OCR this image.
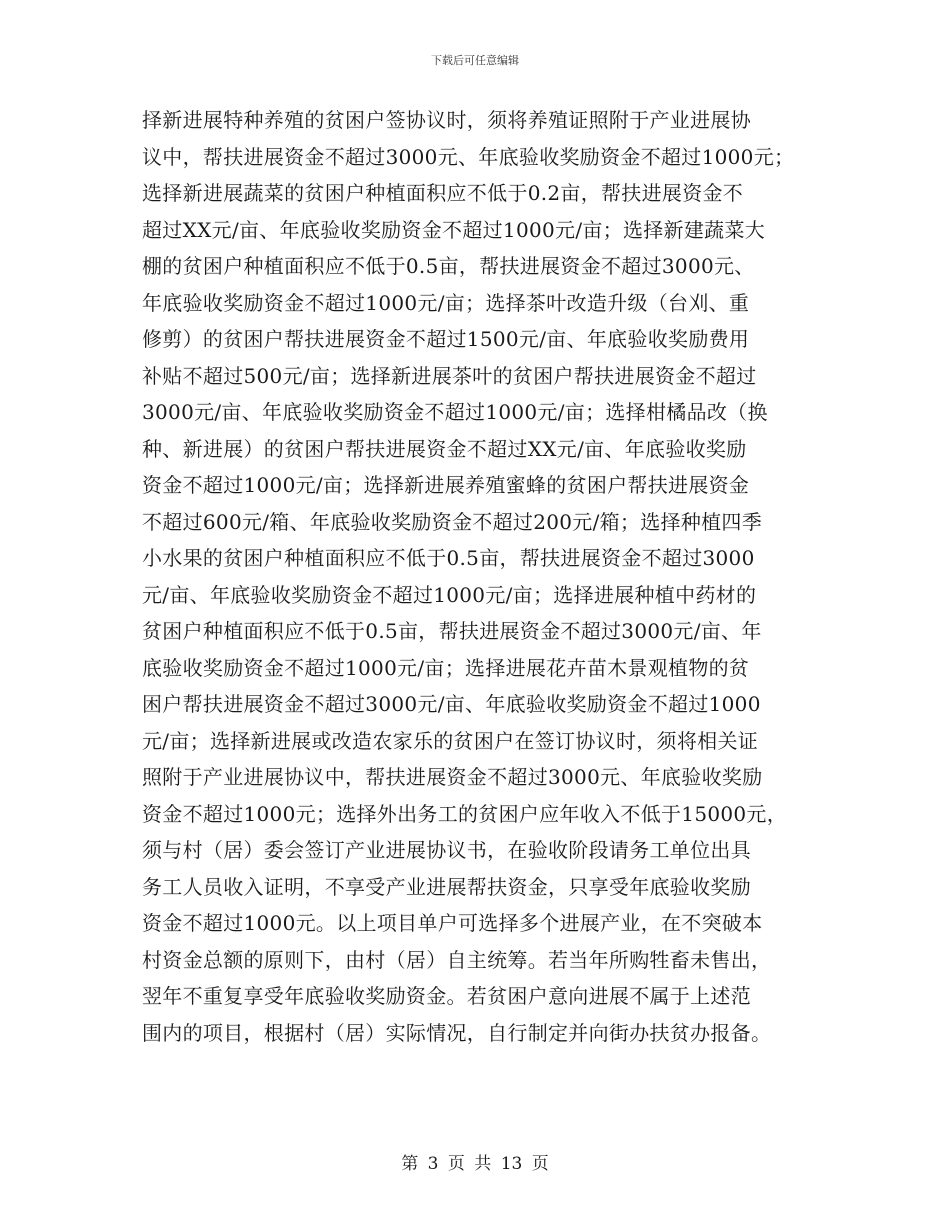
下载后可任意编辑
择新进展特种养殖的贫困户签协议时，须将养殖证照附于产业进展协
议中，帮扶进展资金不超过3000元、年底验收奖励资金不超过1000元；
选择新进展蔬菜的贫困户种植面积应不低于0.2亩，帮扶进展资金不
超过XX元/亩、年底验收奖励资金不超过1000元/亩；选择新建蔬菜大
棚的贫困户种植面积应不低于0.5亩，帮扶进展资金不超过3000元、
年底验收奖励资金不超过1000元/亩；选择茶叶改造升级（台刈、重
修剪）的贫困户帮扶进展资金不超过1500元/亩、年底验收奖励费用
补贴不超过500元/亩；选择新进展茶叶的贫困户帮扶进展资金不超过
3000元/亩、年底验收奖励资金不超过1000元/亩；选择柑橘品改（换
种、新进展）的贫困户帮扶进展资金不超过XX元/亩、年底验收奖励
资金不超过1000元/亩；选择新进展养殖蜜蜂的贫困户帮扶进展资金
不超过600元/箱、年底验收奖励资金不超过200元/箱；选择种植四季
小水果的贫困户种植面积应不低于0.5亩，帮扶进展资金不超过3000
元/亩、年底验收奖励资金不超过1000元/亩；选择进展种植中药材的
贫困户种植面积应不低于0.5亩，帮扶进展资金不超过3000元/亩、年
底验收奖励资金不超过1000元/亩；选择进展花卉苗木景观植物的贫
困户帮扶进展资金不超过3000元/亩、年底验收奖励资金不超过1000
元/亩；选择新进展或改造农家乐的贫困户在签订协议时，须将相关证
照附于产业进展协议中，帮扶进展资金不超过3000元、年底验收奖励
资金不超过1000元；选择外出务工的贫困户应年收入不低于15000元，
须与村（居）委会签订产业进展协议书，在验收阶段请务工单位出具
务工人员收入证明，不享受产业进展帮扶资金，只享受年底验收奖励
资金不超过1000元。以上项目单户可选择多个进展产业，在不突破本
村资金总额的原则下，由村（居）自主统筹。若当年所购牲畜未售出，
翌年不重复享受年底验收奖励资金。若贫困户意向进展不属于上述范
围内的项目，根据村（居）实际情况，自行制定并向街办扶贫办报备。
第 3 页 共 13 页
